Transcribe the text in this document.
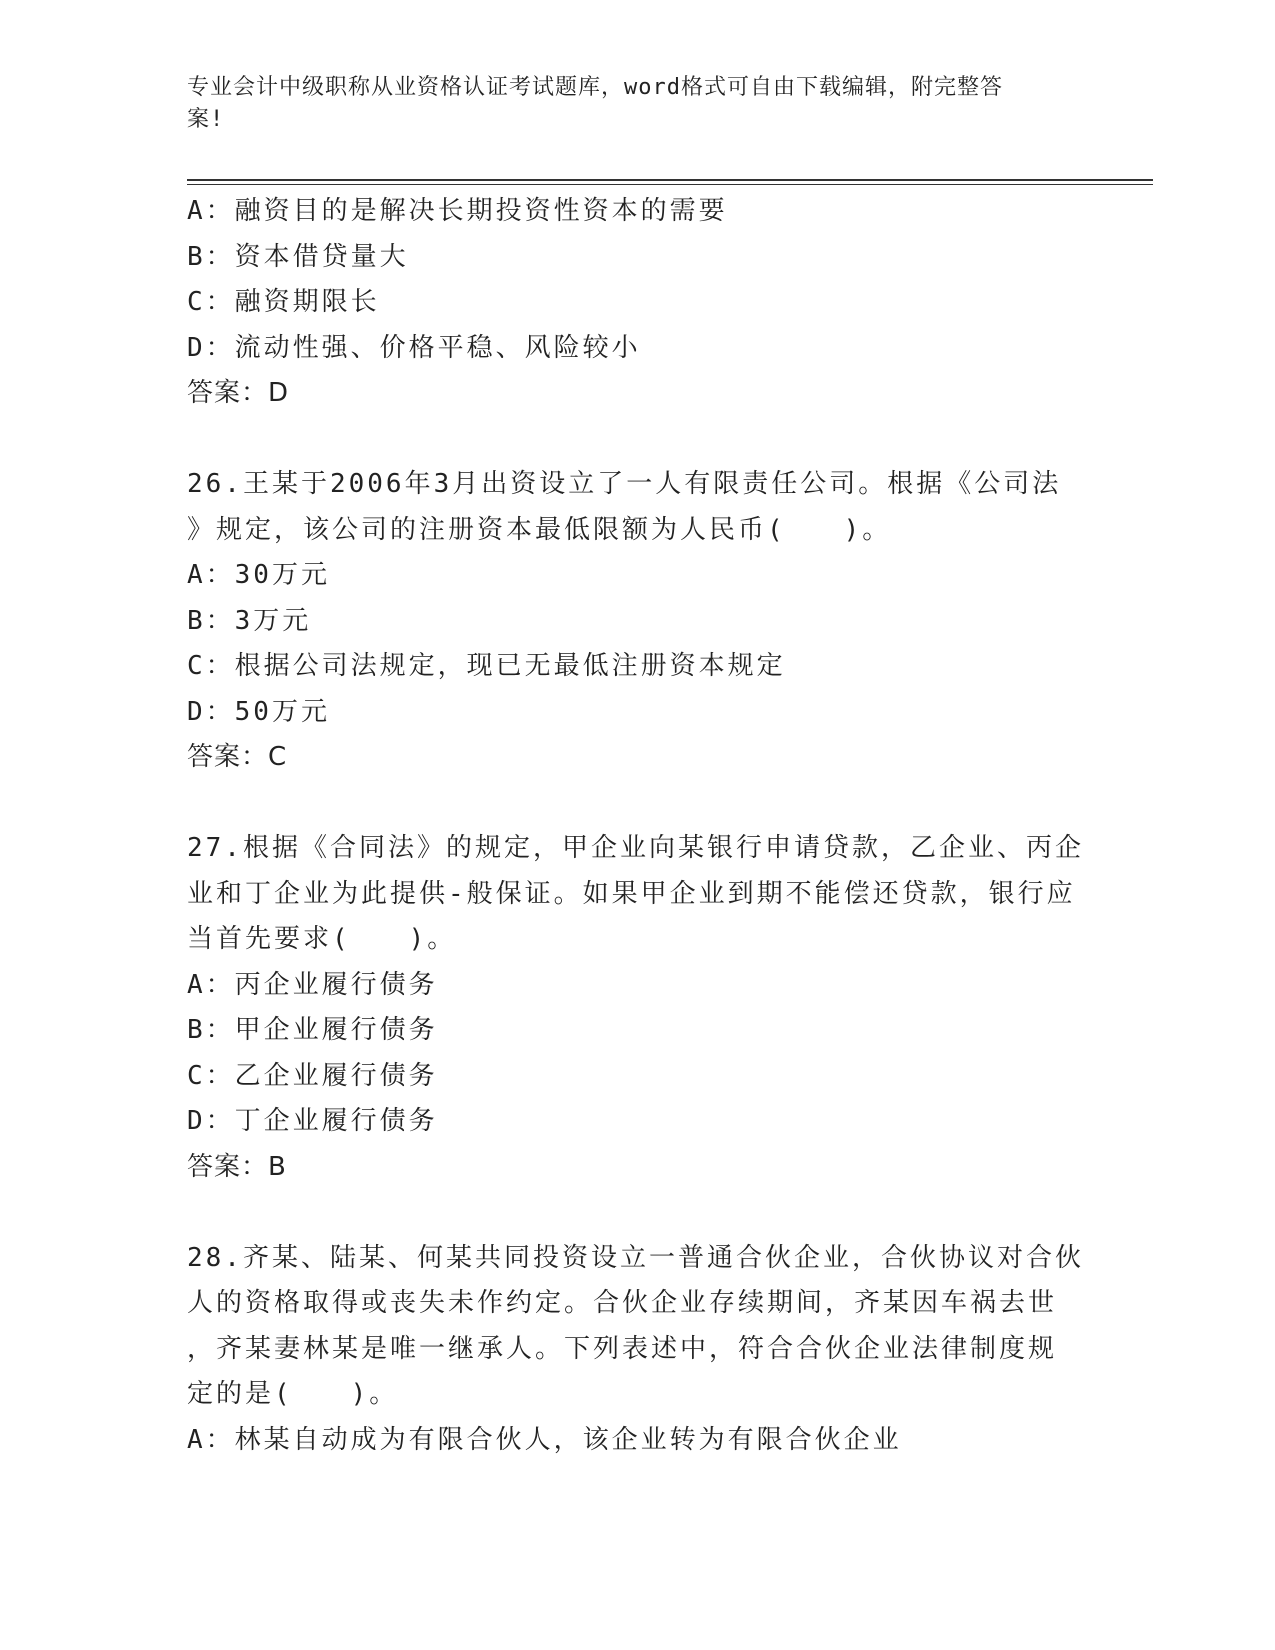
专业会计中级职称从业资格认证考试题库，word格式可自由下载编辑，附完整答
案!
A：融资目的是解决长期投资性资本的需要
B：资本借贷量大
C：融资期限长
D：流动性强、价格平稳、风险较小
答案：D
26.王某于2006年3月出资设立了一人有限责任公司。根据《公司法
》规定，该公司的注册资本最低限额为人民币(　　)。
A：30万元
B：3万元
C：根据公司法规定，现已无最低注册资本规定
D：50万元
答案：C
27.根据《合同法》的规定，甲企业向某银行申请贷款，乙企业、丙企
业和丁企业为此提供-般保证。如果甲企业到期不能偿还贷款，银行应
当首先要求(　　)。
A：丙企业履行债务
B：甲企业履行债务
C：乙企业履行债务
D：丁企业履行债务
答案：B
28.齐某、陆某、何某共同投资设立一普通合伙企业，合伙协议对合伙
人的资格取得或丧失未作约定。合伙企业存续期间，齐某因车祸去世
，齐某妻林某是唯一继承人。下列表述中，符合合伙企业法律制度规
定的是(　　)。
A：林某自动成为有限合伙人，该企业转为有限合伙企业
